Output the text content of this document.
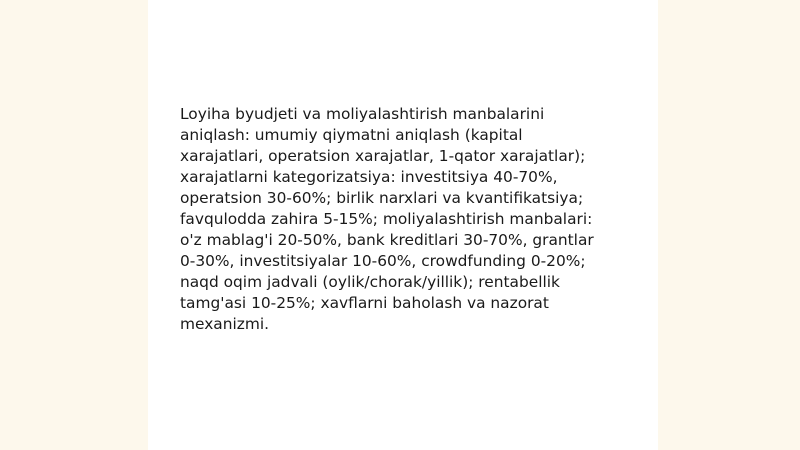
Loyiha byudjeti va moliyalashtirish manbalarini
aniqlash: umumiy qiymatni aniqlash (kapital
xarajatlari, operatsion xarajatlar, 1-qator xarajatlar);
xarajatlarni kategorizatsiya: investitsiya 40-70%,
operatsion 30-60%; birlik narxlari va kvantifikatsiya;
favqulodda zahira 5-15%; moliyalashtirish manbalari:
o'z mablag'i 20-50%, bank kreditlari 30-70%, grantlar
0-30%, investitsiyalar 10-60%, crowdfunding 0-20%;
naqd oqim jadvali (oylik/chorak/yillik); rentabellik
tamg'asi 10-25%; xavflarni baholash va nazorat
mexanizmi.
